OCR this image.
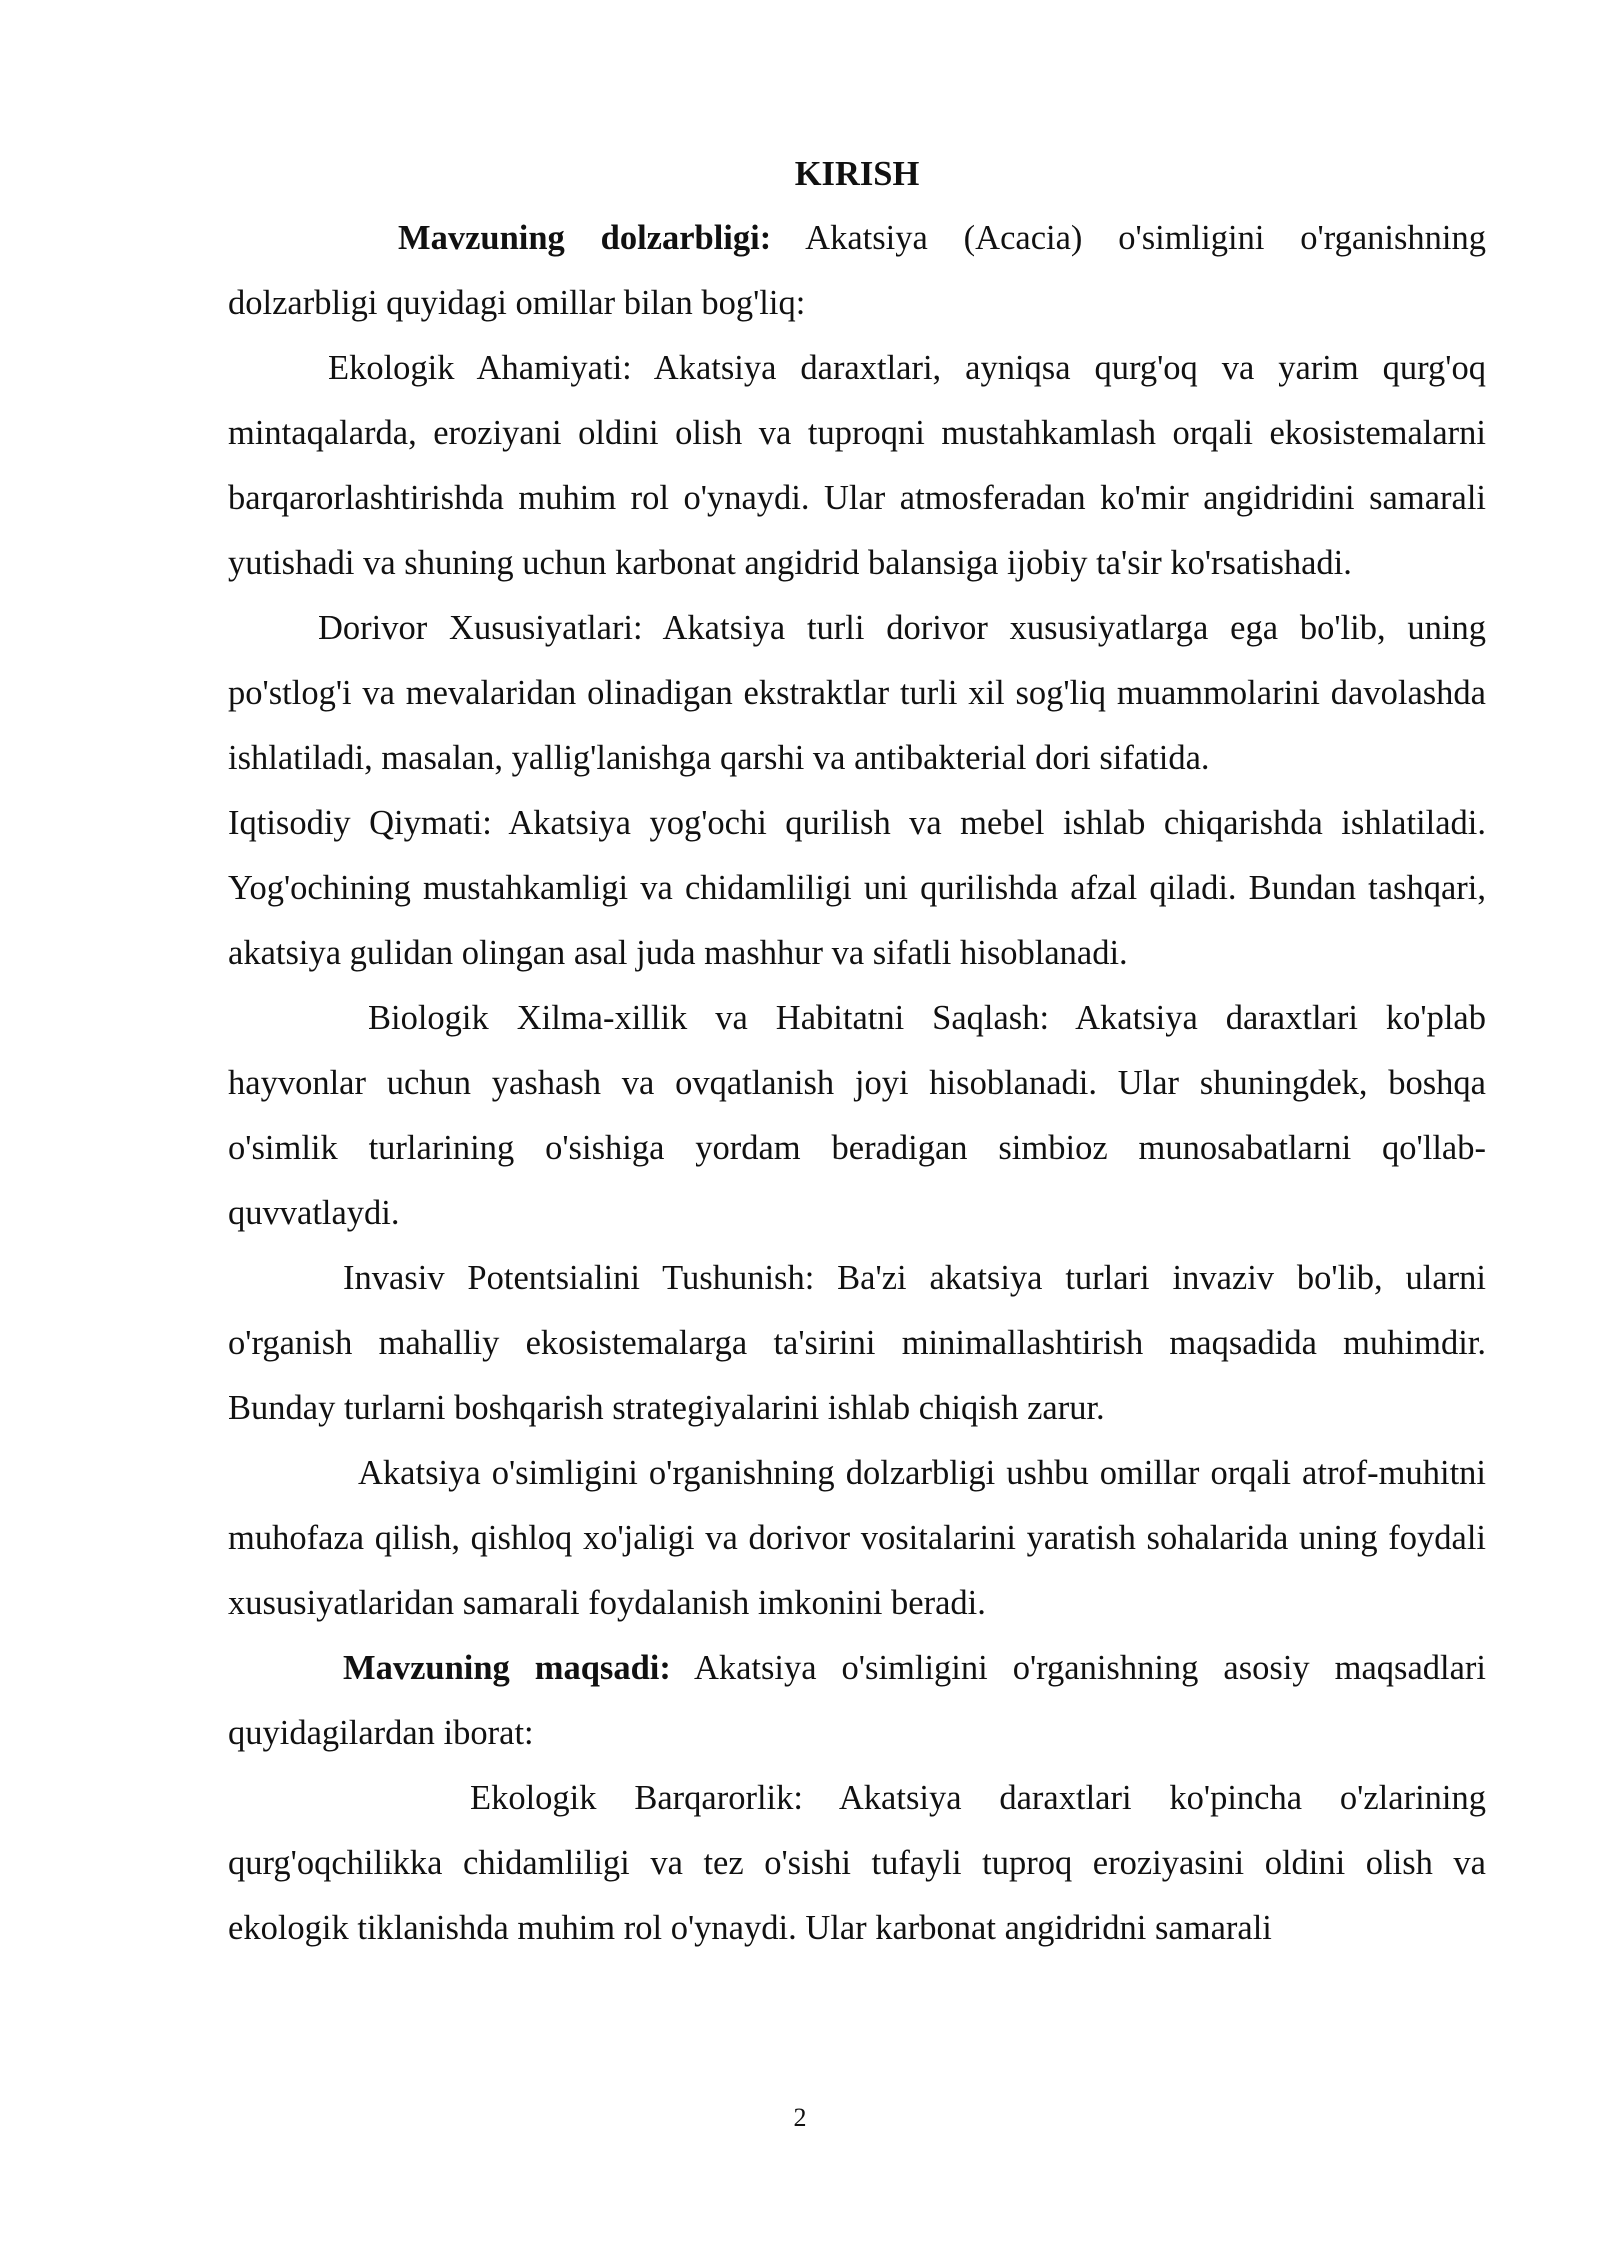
KIRISH

Mavzuning dolzarbligi: Akatsiya (Acacia) o'simligini o'rganishning dolzarbligi quyidagi omillar bilan bog'liq:

Ekologik Ahamiyati: Akatsiya daraxtlari, ayniqsa qurg'oq va yarim qurg'oq mintaqalarda, eroziyani oldini olish va tuproqni mustahkamlash orqali ekosistemalarni barqarorlashtirishda muhim rol o'ynaydi. Ular atmosferadan ko'mir angidridini samarali yutishadi va shuning uchun karbonat angidrid balansiga ijobiy ta'sir ko'rsatishadi.

Dorivor Xususiyatlari: Akatsiya turli dorivor xususiyatlarga ega bo'lib, uning po'stlog'i va mevalaridan olinadigan ekstraktlar turli xil sog'liq muammolarini davolashda ishlatiladi, masalan, yallig'lanishga qarshi va antibakterial dori sifatida.

Iqtisodiy Qiymati: Akatsiya yog'ochi qurilish va mebel ishlab chiqarishda ishlatiladi. Yog'ochining mustahkamligi va chidamliligi uni qurilishda afzal qiladi. Bundan tashqari, akatsiya gulidan olingan asal juda mashhur va sifatli hisoblanadi.

Biologik Xilma-xillik va Habitatni Saqlash: Akatsiya daraxtlari ko'plab hayvonlar uchun yashash va ovqatlanish joyi hisoblanadi. Ular shuningdek, boshqa o'simlik turlarining o'sishiga yordam beradigan simbioz munosabatlarni qo'llab-quvvatlaydi.

Invasiv Potentsialini Tushunish: Ba'zi akatsiya turlari invaziv bo'lib, ularni o'rganish mahalliy ekosistemalarga ta'sirini minimallashtirish maqsadida muhimdir. Bunday turlarni boshqarish strategiyalarini ishlab chiqish zarur.

Akatsiya o'simligini o'rganishning dolzarbligi ushbu omillar orqali atrof-muhitni muhofaza qilish, qishloq xo'jaligi va dorivor vositalarini yaratish sohalarida uning foydali xususiyatlaridan samarali foydalanish imkonini beradi.

Mavzuning maqsadi: Akatsiya o'simligini o'rganishning asosiy maqsadlari quyidagilardan iborat:

Ekologik Barqarorlik: Akatsiya daraxtlari ko'pincha o'zlarining qurg'oqchilikka chidamliligi va tez o'sishi tufayli tuproq eroziyasini oldini olish va ekologik tiklanishda muhim rol o'ynaydi. Ular karbonat angidridni samarali

2
